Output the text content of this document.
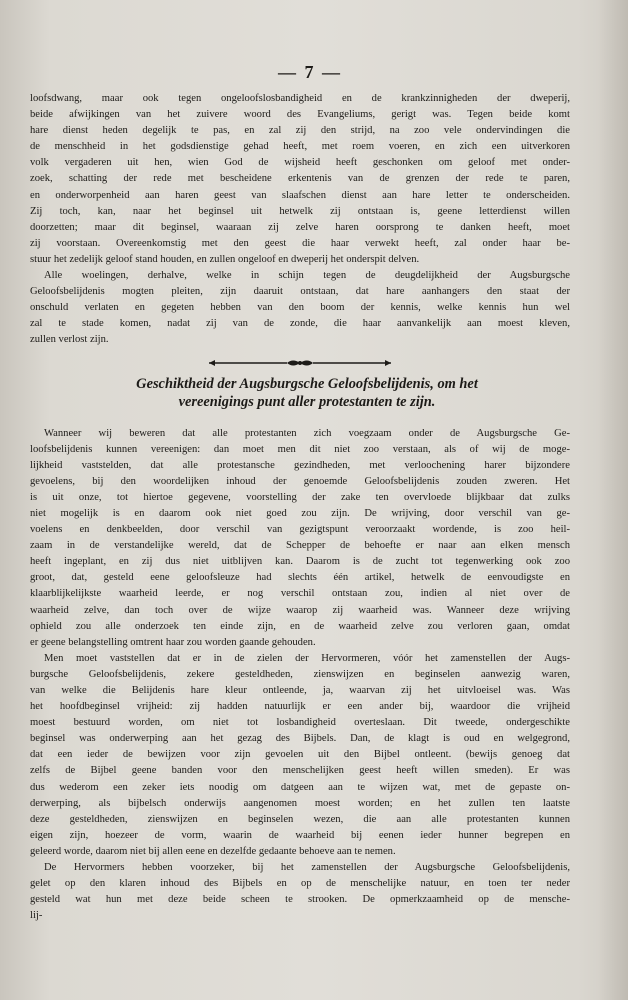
— 7 —
loofsdwang, maar ook tegen ongeloofslosbandigheid en de krankzinnigheden der dweperij,
beide afwijkingen van het zuivere woord des Evangeliums, gerigt was. Tegen beide komt
hare dienst heden degelijk te pas, en zal zij den strijd, na zoo vele ondervindingen die
de menschheid in het godsdienstige gehad heeft, met roem voeren, en zich een uitverkoren
volk vergaderen uit hen, wien God de wijsheid heeft geschonken om geloof met onder-
zoek, schatting der rede met bescheidene erkentenis van de grenzen der rede te paren,
en onderworpenheid aan haren geest van slaafschen dienst aan hare letter te onderscheiden.
Zij toch, kan, naar het beginsel uit hetwelk zij ontstaan is, geene letterdienst willen
doorzetten; maar dit beginsel, waaraan zij zelve haren oorsprong te danken heeft, moet
zij voorstaan. Overeenkomstig met den geest die haar verwekt heeft, zal onder haar be-
stuur het zedelijk geloof stand houden, en zullen ongeloof en dweperij het onderspit delven.
Alle woelingen, derhalve, welke in schijn tegen de deugdelijkheid der Augsburgsche
Geloofsbelijdenis mogten pleiten, zijn daaruit ontstaan, dat hare aanhangers den staat der
onschuld verlaten en gegeten hebben van den boom der kennis, welke kennis hun wel
zal te stade komen, nadat zij van de zonde, die haar aanvankelijk aan moest kleven,
zullen verlost zijn.
Geschiktheid der Augsburgsche Geloofsbelijdenis, om het
vereenigings punt aller protestanten te zijn.
Wanneer wij beweren dat alle protestanten zich voegzaam onder de Augsburgsche Ge-
loofsbelijdenis kunnen vereenigen: dan moet men dit niet zoo verstaan, als of wij de moge-
lijkheid vaststelden, dat alle protestansche gezindheden, met verloochening harer bijzondere
gevoelens, bij den woordelijken inhoud der genoemde Geloofsbelijdenis zouden zweren. Het
is uit onze, tot hiertoe gegevene, voorstelling der zake ten overvloede blijkbaar dat zulks
niet mogelijk is en daarom ook niet goed zou zijn. De wrijving, door verschil van ge-
voelens en denkbeelden, door verschil van gezigtspunt veroorzaakt wordende, is zoo heil-
zaam in de verstandelijke wereld, dat de Schepper de behoefte er naar aan elken mensch
heeft ingeplant, en zij dus niet uitblijven kan. Daarom is de zucht tot tegenwerking ook zoo
groot, dat, gesteld eene geloofsleuze had slechts één artikel, hetwelk de eenvoudigste en
klaarblijkelijkste waarheid leerde, er nog verschil ontstaan zou, indien al niet over de
waarheid zelve, dan toch over de wijze waarop zij waarheid was. Wanneer deze wrijving
ophield zou alle onderzoek ten einde zijn, en de waarheid zelve zou verloren gaan, omdat
er geene belangstelling omtrent haar zou worden gaande gehouden.
Men moet vaststellen dat er in de zielen der Hervormeren, vóór het zamenstellen der Augs-
burgsche Geloofsbelijdenis, zekere gesteldheden, zienswijzen en beginselen aanwezig waren,
van welke die Belijdenis hare kleur ontleende, ja, waarvan zij het uitvloeisel was. Was
het hoofdbeginsel vrijheid: zij hadden natuurlijk er een ander bij, waardoor die vrijheid
moest bestuurd worden, om niet tot losbandigheid overteslaan. Dit tweede, ondergeschikte
beginsel was onderwerping aan het gezag des Bijbels. Dan, de klagt is oud en welgegrond,
dat een ieder de bewijzen voor zijn gevoelen uit den Bijbel ontleent. (bewijs genoeg dat
zelfs de Bijbel geene banden voor den menschelijken geest heeft willen smeden). Er was
dus wederom een zeker iets noodig om datgeen aan te wijzen wat, met de gepaste on-
derwerping, als bijbelsch onderwijs aangenomen moest worden; en het zullen ten laatste
deze gesteldheden, zienswijzen en beginselen wezen, die aan alle protestanten kunnen
eigen zijn, hoezeer de vorm, waarin de waarheid bij eenen ieder hunner begrepen en
geleerd worde, daarom niet bij allen eene en dezelfde gedaante behoeve aan te nemen.
De Hervormers hebben voorzeker, bij het zamenstellen der Augsburgsche Geloofsbelijdenis,
gelet op den klaren inhoud des Bijbels en op de menschelijke natuur, en toen ter neder
gesteld wat hun met deze beide scheen te strooken. De opmerkzaamheid op de mensche-
lij-
